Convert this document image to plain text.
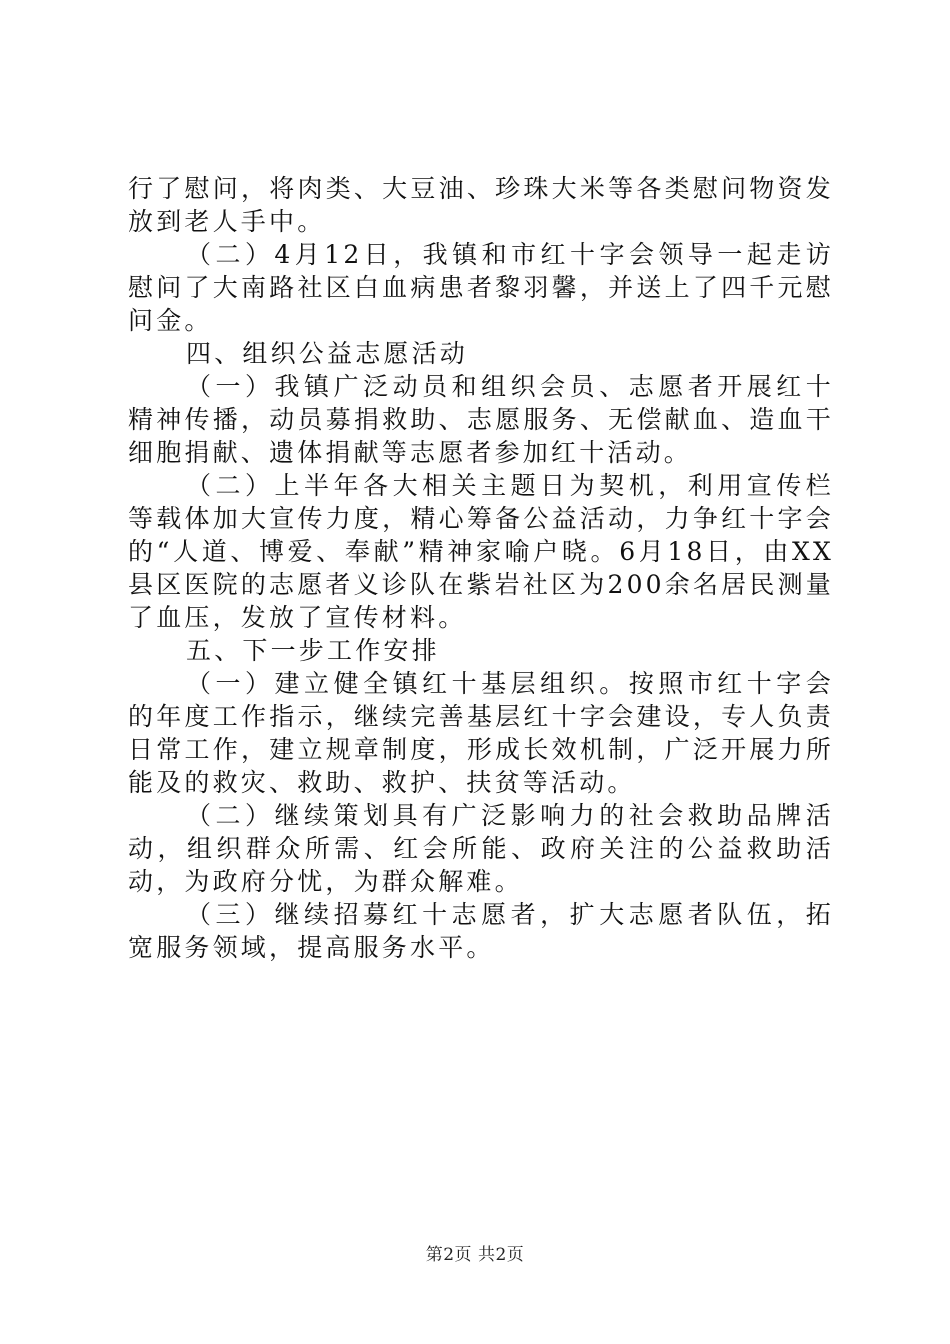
行了慰问，将肉类、大豆油、珍珠大米等各类慰问物资发放到老人手中。

（二）4月12日，我镇和市红十字会领导一起走访慰问了大南路社区白血病患者黎羽馨，并送上了四千元慰问金。

四、组织公益志愿活动

（一）我镇广泛动员和组织会员、志愿者开展红十精神传播，动员募捐救助、志愿服务、无偿献血、造血干细胞捐献、遗体捐献等志愿者参加红十活动。

（二）上半年各大相关主题日为契机，利用宣传栏等载体加大宣传力度，精心筹备公益活动，力争红十字会的“人道、博爱、奉献”精神家喻户晓。6月18日，由XX县区医院的志愿者义诊队在紫岩社区为200余名居民测量了血压，发放了宣传材料。

五、下一步工作安排

（一）建立健全镇红十基层组织。按照市红十字会的年度工作指示，继续完善基层红十字会建设，专人负责日常工作，建立规章制度，形成长效机制，广泛开展力所能及的救灾、救助、救护、扶贫等活动。

（二）继续策划具有广泛影响力的社会救助品牌活动，组织群众所需、红会所能、政府关注的公益救助活动，为政府分忧，为群众解难。

（三）继续招募红十志愿者，扩大志愿者队伍，拓宽服务领域，提高服务水平。

第2页 共2页
